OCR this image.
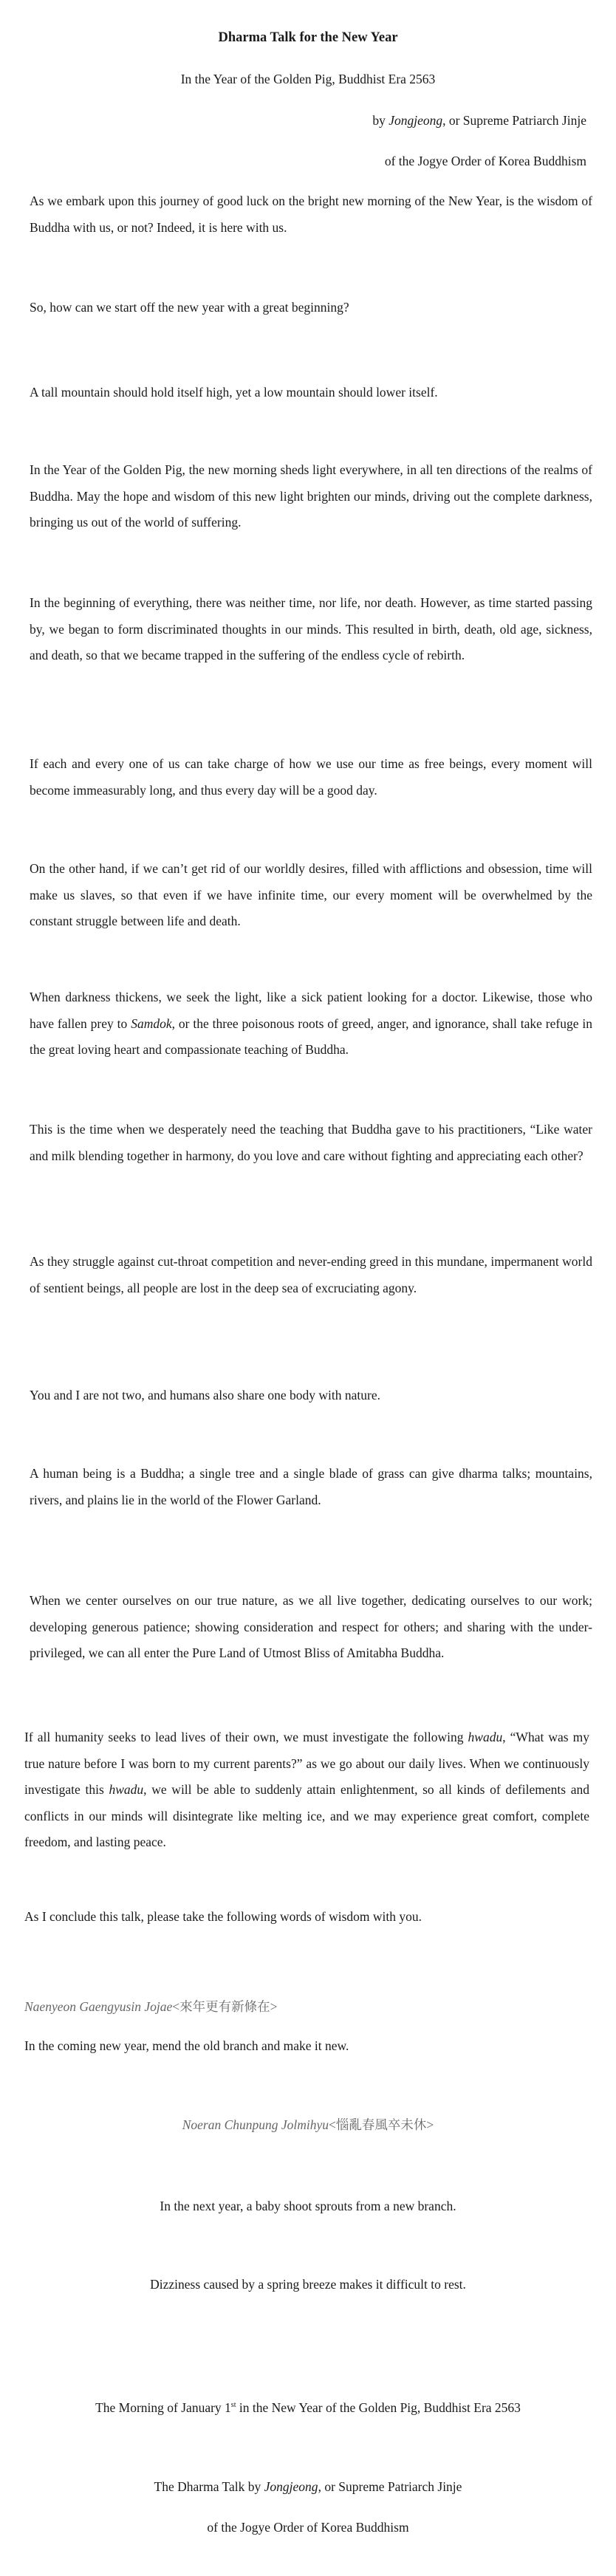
Dharma Talk for the New Year

In the Year of the Golden Pig, Buddhist Era 2563

by Jongjeong, or Supreme Patriarch Jinje

of the Jogye Order of Korea Buddhism

As we embark upon this journey of good luck on the bright new morning of the New Year, is the wisdom of Buddha with us, or not? Indeed, it is here with us.

So, how can we start off the new year with a great beginning?

A tall mountain should hold itself high, yet a low mountain should lower itself.

In the Year of the Golden Pig, the new morning sheds light everywhere, in all ten directions of the realms of Buddha. May the hope and wisdom of this new light brighten our minds, driving out the complete darkness, bringing us out of the world of suffering.

In the beginning of everything, there was neither time, nor life, nor death. However, as time started passing by, we began to form discriminated thoughts in our minds. This resulted in birth, death, old age, sickness, and death, so that we became trapped in the suffering of the endless cycle of rebirth.

If each and every one of us can take charge of how we use our time as free beings, every moment will become immeasurably long, and thus every day will be a good day.

On the other hand, if we can’t get rid of our worldly desires, filled with afflictions and obsession, time will make us slaves, so that even if we have infinite time, our every moment will be overwhelmed by the constant struggle between life and death.

When darkness thickens, we seek the light, like a sick patient looking for a doctor. Likewise, those who have fallen prey to Samdok, or the three poisonous roots of greed, anger, and ignorance, shall take refuge in the great loving heart and compassionate teaching of Buddha.

This is the time when we desperately need the teaching that Buddha gave to his practitioners, “Like water and milk blending together in harmony, do you love and care without fighting and appreciating each other?

As they struggle against cut-throat competition and never-ending greed in this mundane, impermanent world of sentient beings, all people are lost in the deep sea of excruciating agony.

You and I are not two, and humans also share one body with nature.

A human being is a Buddha; a single tree and a single blade of grass can give dharma talks; mountains, rivers, and plains lie in the world of the Flower Garland.

When we center ourselves on our true nature, as we all live together, dedicating ourselves to our work; developing generous patience; showing consideration and respect for others; and sharing with the under-privileged, we can all enter the Pure Land of Utmost Bliss of Amitabha Buddha.

If all humanity seeks to lead lives of their own, we must investigate the following hwadu, “What was my true nature before I was born to my current parents?” as we go about our daily lives. When we continuously investigate this hwadu, we will be able to suddenly attain enlightenment, so all kinds of defilements and conflicts in our minds will disintegrate like melting ice, and we may experience great comfort, complete freedom, and lasting peace.

As I conclude this talk, please take the following words of wisdom with you.

Naenyeon Gaengyusin Jojae<來年更有新條在>

In the coming new year, mend the old branch and make it new.

Noeran Chunpung Jolmihyu<惱亂春風卒未休>

In the next year, a baby shoot sprouts from a new branch.

Dizziness caused by a spring breeze makes it difficult to rest.

The Morning of January 1st in the New Year of the Golden Pig, Buddhist Era 2563

The Dharma Talk by Jongjeong, or Supreme Patriarch Jinje

of the Jogye Order of Korea Buddhism
